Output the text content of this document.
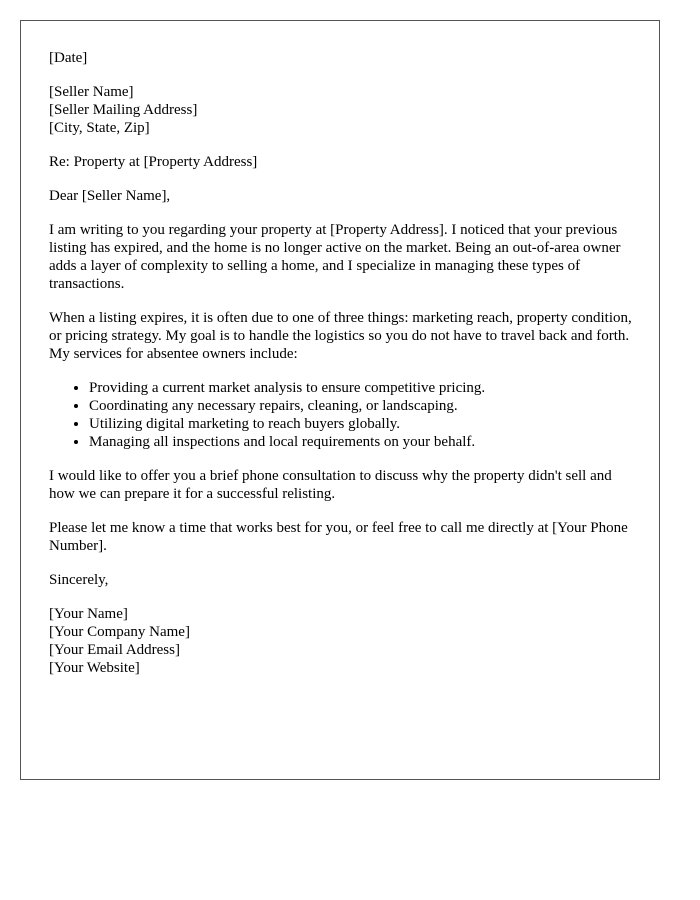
[Date]
[Seller Name]
[Seller Mailing Address]
[City, State, Zip]
Re: Property at [Property Address]
Dear [Seller Name],

I am writing to you regarding your property at [Property Address]. I noticed that your previous listing has expired, and the home is no longer active on the market. Being an out-of-area owner adds a layer of complexity to selling a home, and I specialize in managing these types of transactions.

When a listing expires, it is often due to one of three things: marketing reach, property condition, or pricing strategy. My goal is to handle the logistics so you do not have to travel back and forth. My services for absentee owners include:

• Providing a current market analysis to ensure competitive pricing.
• Coordinating any necessary repairs, cleaning, or landscaping.
• Utilizing digital marketing to reach buyers globally.
• Managing all inspections and local requirements on your behalf.

I would like to offer you a brief phone consultation to discuss why the property didn't sell and how we can prepare it for a successful relisting.

Please let me know a time that works best for you, or feel free to call me directly at [Your Phone Number].

Sincerely,
[Your Name]
[Your Company Name]
[Your Email Address]
[Your Website]
